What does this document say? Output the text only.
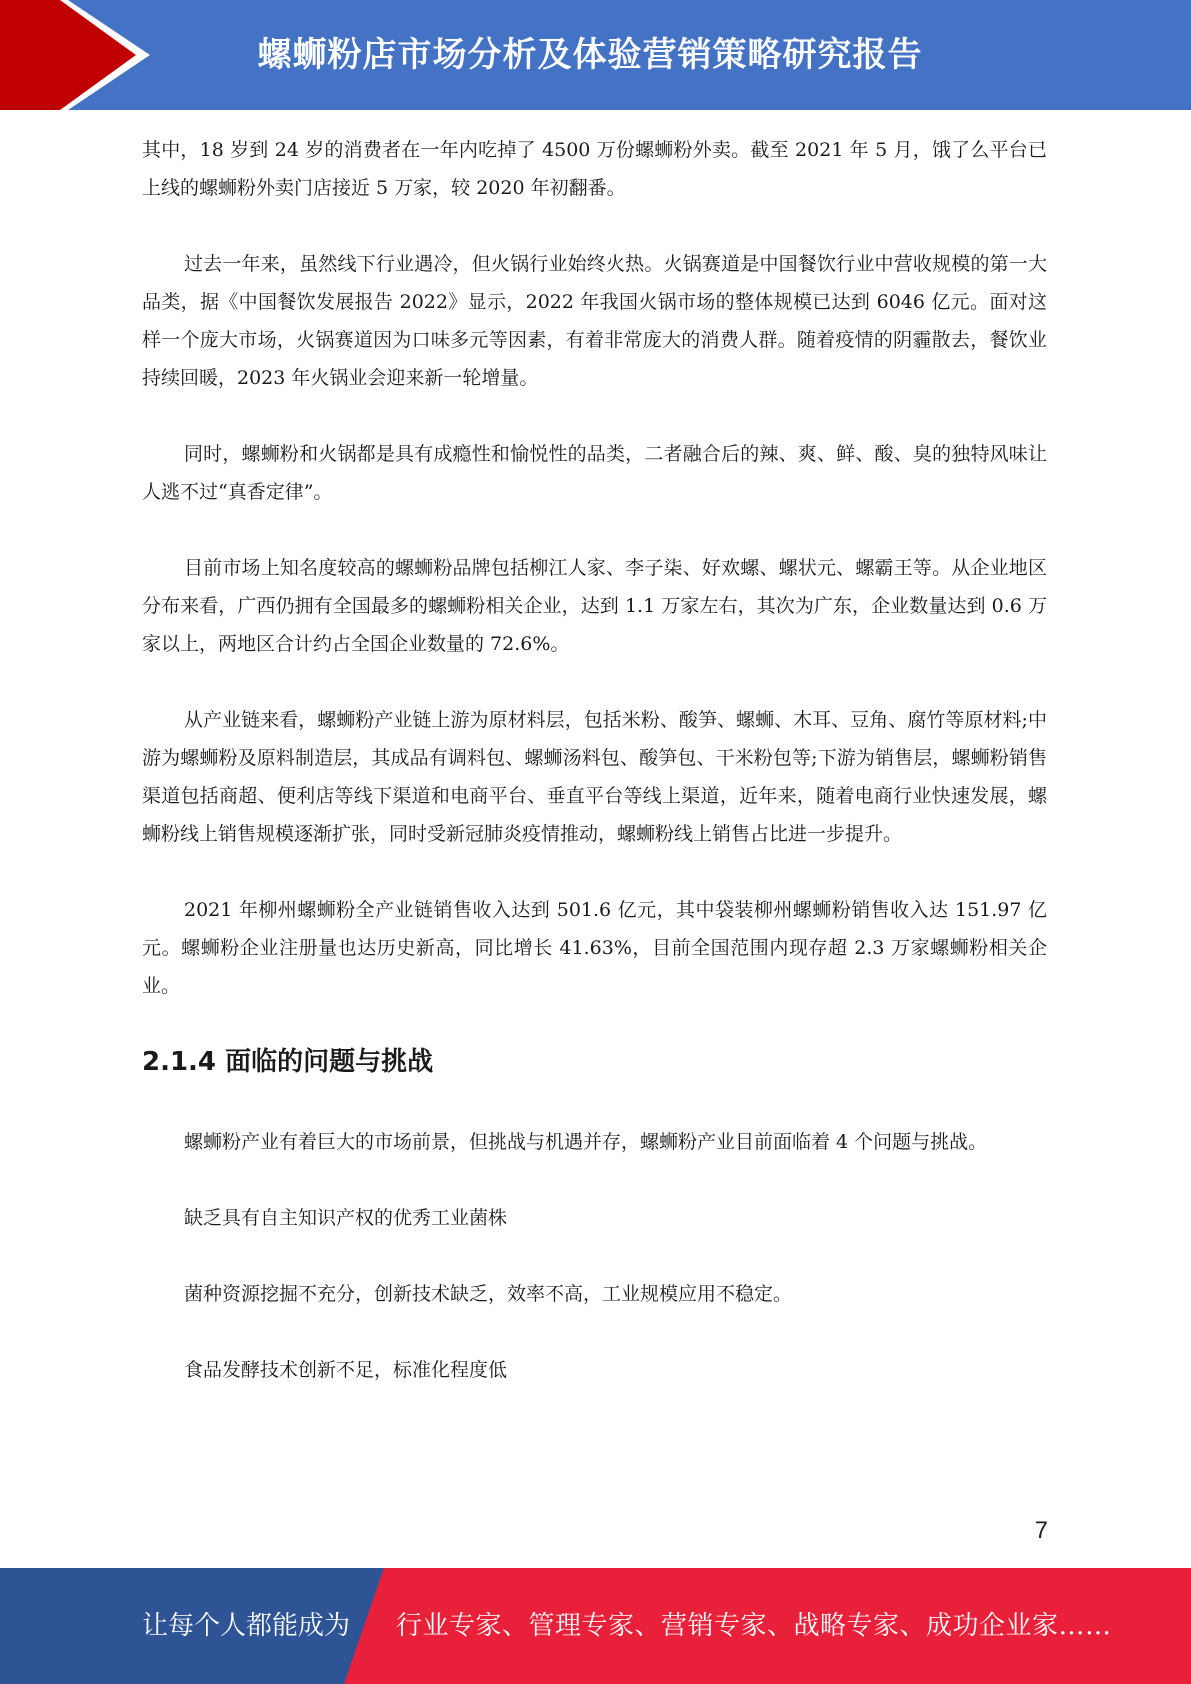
螺蛳粉店市场分析及体验营销策略研究报告

其中，18 岁到 24 岁的消费者在一年内吃掉了 4500 万份螺蛳粉外卖。截至 2021 年 5 月，饿了么平台已上线的螺蛳粉外卖门店接近 5 万家，较 2020 年初翻番。

过去一年来，虽然线下行业遇冷，但火锅行业始终火热。火锅赛道是中国餐饮行业中营收规模的第一大品类，据《中国餐饮发展报告 2022》显示，2022 年我国火锅市场的整体规模已达到 6046 亿元。面对这样一个庞大市场，火锅赛道因为口味多元等因素，有着非常庞大的消费人群。随着疫情的阴霾散去，餐饮业持续回暖，2023 年火锅业会迎来新一轮增量。

同时，螺蛳粉和火锅都是具有成瘾性和愉悦性的品类，二者融合后的辣、爽、鲜、酸、臭的独特风味让人逃不过“真香定律”。

目前市场上知名度较高的螺蛳粉品牌包括柳江人家、李子柒、好欢螺、螺状元、螺霸王等。从企业地区分布来看，广西仍拥有全国最多的螺蛳粉相关企业，达到 1.1 万家左右，其次为广东，企业数量达到 0.6 万家以上，两地区合计约占全国企业数量的 72.6%。

从产业链来看，螺蛳粉产业链上游为原材料层，包括米粉、酸笋、螺蛳、木耳、豆角、腐竹等原材料;中游为螺蛳粉及原料制造层，其成品有调料包、螺蛳汤料包、酸笋包、干米粉包等;下游为销售层，螺蛳粉销售渠道包括商超、便利店等线下渠道和电商平台、垂直平台等线上渠道，近年来，随着电商行业快速发展，螺蛳粉线上销售规模逐渐扩张，同时受新冠肺炎疫情推动，螺蛳粉线上销售占比进一步提升。

2021 年柳州螺蛳粉全产业链销售收入达到 501.6 亿元，其中袋装柳州螺蛳粉销售收入达 151.97 亿元。螺蛳粉企业注册量也达历史新高，同比增长 41.63%，目前全国范围内现存超 2.3 万家螺蛳粉相关企业。

2.1.4 面临的问题与挑战

螺蛳粉产业有着巨大的市场前景，但挑战与机遇并存，螺蛳粉产业目前面临着 4 个问题与挑战。

缺乏具有自主知识产权的优秀工业菌株

菌种资源挖掘不充分，创新技术缺乏，效率不高，工业规模应用不稳定。

食品发酵技术创新不足，标准化程度低

7
让每个人都能成为 行业专家、管理专家、营销专家、战略专家、成功企业家……
